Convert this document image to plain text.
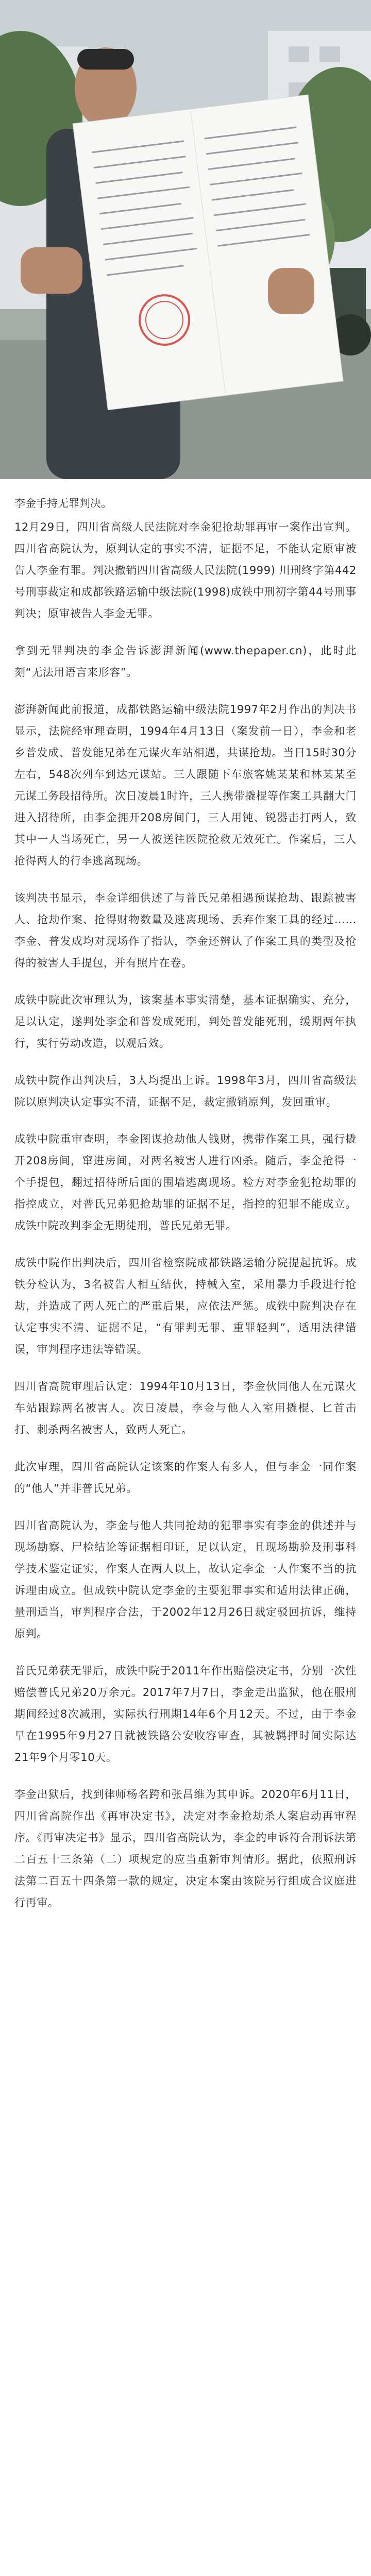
李金手持无罪判决。

12月29日，四川省高级人民法院对李金犯抢劫罪再审一案作出宣判。四川省高院认为，原判认定的事实不清，证据不足，不能认定原审被告人李金有罪。判决撤销四川省高级人民法院(1999) 川刑终字第442号刑事裁定和成都铁路运输中级法院(1998)成铁中刑初字第44号刑事判决；原审被告人李金无罪。

拿到无罪判决的李金告诉澎湃新闻(www.thepaper.cn)，此时此刻“无法用语言来形容”。

澎湃新闻此前报道，成都铁路运输中级法院1997年2月作出的判决书显示，法院经审理查明，1994年4月13日（案发前一日），李金和老乡普发成、普发能兄弟在元谋火车站相遇，共谋抢劫。当日15时30分左右，548次列车到达元谋站。三人跟随下车旅客姚某某和林某某至元谋工务段招待所。次日凌晨1时许，三人携带撬棍等作案工具翻大门进入招待所，由李金拥开208房间门，三人用钝、锐器击打两人，致其中一人当场死亡，另一人被送往医院抢救无效死亡。作案后，三人抢得两人的行李逃离现场。

该判决书显示，李金详细供述了与普氏兄弟相遇预谋抢劫、跟踪被害人、抢劫作案、抢得财物数量及逃离现场、丢弃作案工具的经过……李金、普发成均对现场作了指认，李金还辨认了作案工具的类型及抢得的被害人手提包，并有照片在卷。

成铁中院此次审理认为，该案基本事实清楚，基本证据确实、充分，足以认定，遂判处李金和普发成死刑，判处普发能死刑，缓期两年执行，实行劳动改造，以观后效。

成铁中院作出判决后，3人均提出上诉。1998年3月，四川省高级法院以原判决认定事实不清，证据不足，裁定撤销原判，发回重审。

成铁中院重审查明，李金图谋抢劫他人钱财，携带作案工具，强行撬开208房间，窜进房间，对两名被害人进行凶杀。随后，李金抢得一个手提包，翻过招待所后面的围墙逃离现场。检方对李金犯抢劫罪的指控成立，对普氏兄弟犯抢劫罪的证据不足，指控的犯罪不能成立。成铁中院改判李金无期徒刑，普氏兄弟无罪。

成铁中院作出判决后，四川省检察院成都铁路运输分院提起抗诉。成铁分检认为，3名被告人相互结伙，持械入室，采用暴力手段进行抢劫，并造成了两人死亡的严重后果，应依法严惩。成铁中院判决存在认定事实不清、证据不足，“有罪判无罪、重罪轻判”，适用法律错误，审判程序违法等错误。

四川省高院审理后认定：1994年10月13日，李金伙同他人在元谋火车站跟踪两名被害人。次日凌晨，李金与他人入室用撬棍、匕首击打、刺杀两名被害人，致两人死亡。

此次审理，四川省高院认定该案的作案人有多人，但与李金一同作案的“他人”并非普氏兄弟。

四川省高院认为，李金与他人共同抢劫的犯罪事实有李金的供述并与现场勘察、尸检结论等证据相印证，足以认定，且现场勘验及刑事科学技术鉴定证实，作案人在两人以上，故认定李金一人作案不当的抗诉理由成立。但成铁中院认定李金的主要犯罪事实和适用法律正确，量刑适当，审判程序合法，于2002年12月26日裁定驳回抗诉，维持原判。

普氏兄弟获无罪后，成铁中院于2011年作出赔偿决定书，分别一次性赔偿普氏兄弟20万余元。2017年7月7日，李金走出监狱，他在服刑期间经过8次减刑，实际执行刑期14年6个月12天。不过，由于李金早在1995年9月27日就被铁路公安收容审查，其被羁押时间实际达21年9个月零10天。

李金出狱后，找到律师杨名跨和张昌维为其申诉。2020年6月11日，四川省高院作出《再审决定书》，决定对李金抢劫杀人案启动再审程序。《再审决定书》显示，四川省高院认为，李金的申诉符合刑诉法第二百五十三条第（二）项规定的应当重新审判情形。据此，依照刑诉法第二百五十四条第一款的规定，决定本案由该院另行组成合议庭进行再审。
